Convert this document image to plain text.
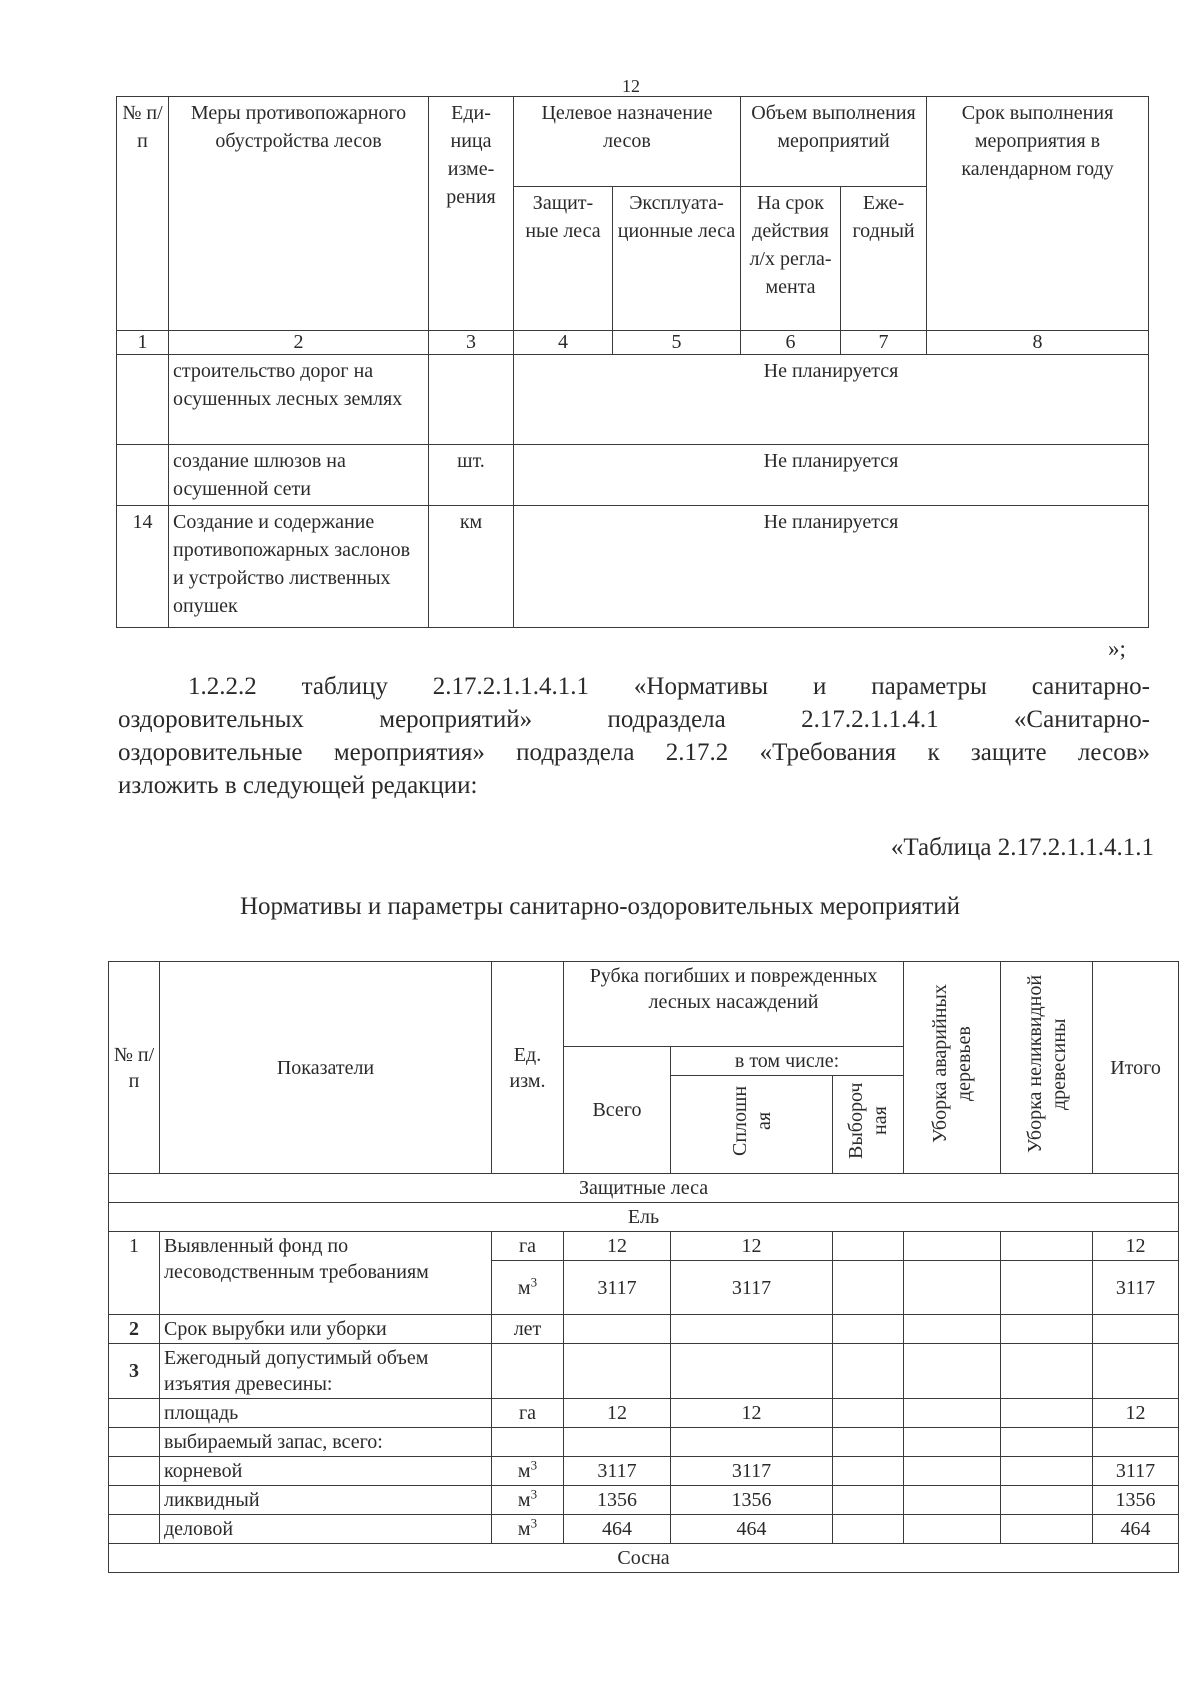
12
№ п/п	Меры противопожарного обустройства лесов	Еди-ница изме-рения	Целевое назначение лесов		Объем выполнения мероприятий		Срок выполнения мероприятия в календарном году
			Защит-ные леса	Эксплуата-ционные леса	На срок действия л/х регла-мента	Еже-годный	
1	2	3	4	5	6	7	8
	строительство дорог на осушенных лесных землях		Не планируется				
	создание шлюзов на осушенной сети	шт.	Не планируется				
14	Создание и содержание противопожарных заслонов и устройство лиственных опушек	км	Не планируется				
»;
1.2.2.2 таблицу 2.17.2.1.1.4.1.1 «Нормативы и параметры санитарно-
оздоровительных мероприятий» подраздела 2.17.2.1.1.4.1 «Санитарно-
оздоровительные мероприятия» подраздела 2.17.2 «Требования к защите лесов»
изложить в следующей редакции:
«Таблица 2.17.2.1.1.4.1.1
Нормативы и параметры санитарно-оздоровительных мероприятий
№ п/п	Показатели	Ед. изм.	Рубка погибших и поврежденных лесных насаждений			Уборка аварийных деревьев	Уборка неликвидной древесины	Итого
			Всего	в том числе:				
				Сплошн ая	Выбороч ная			
Защитные леса								
Ель								
1	Выявленный фонд по лесоводственным требованиям	га	12	12				12
		$м^3$	3117	3117				3117
2	Срок вырубки или уборки	лет						
3	Ежегодный допустимый объем изъятия древесины:							
	площадь	га	12	12				12
	выбираемый запас, всего:							
	корневой	$м^3$	3117	3117				3117
	ликвидный	$м^3$	1356	1356				1356
	деловой	$м^3$	464	464				464
Сосна								
